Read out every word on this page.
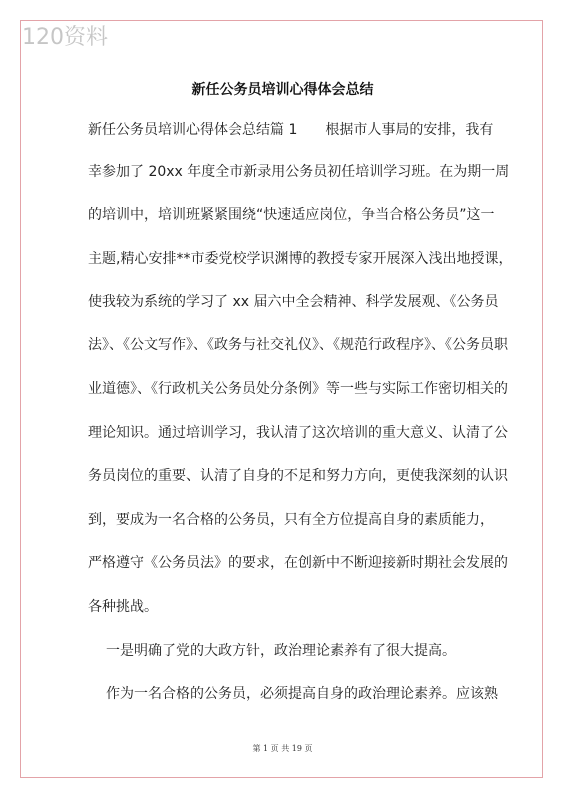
120资料
新任公务员培训心得体会总结
新任公务员培训心得体会总结篇 1　　根据市人事局的安排，我有
幸参加了 20xx 年度全市新录用公务员初任培训学习班。在为期一周
的培训中，培训班紧紧围绕“快速适应岗位，争当合格公务员”这一
主题,精心安排**市委党校学识渊博的教授专家开展深入浅出地授课，
使我较为系统的学习了 xx 届六中全会精神、科学发展观、《公务员
法》、《公文写作》、《政务与社交礼仪》、《规范行政程序》、《公务员职
业道德》、《行政机关公务员处分条例》等一些与实际工作密切相关的
理论知识。通过培训学习，我认清了这次培训的重大意义、认清了公
务员岗位的重要、认清了自身的不足和努力方向，更使我深刻的认识
到，要成为一名合格的公务员，只有全方位提高自身的素质能力，
严格遵守《公务员法》的要求，在创新中不断迎接新时期社会发展的
各种挑战。
一是明确了党的大政方针，政治理论素养有了很大提高。
作为一名合格的公务员，必须提高自身的政治理论素养。应该熟
第 1 页 共 19 页
